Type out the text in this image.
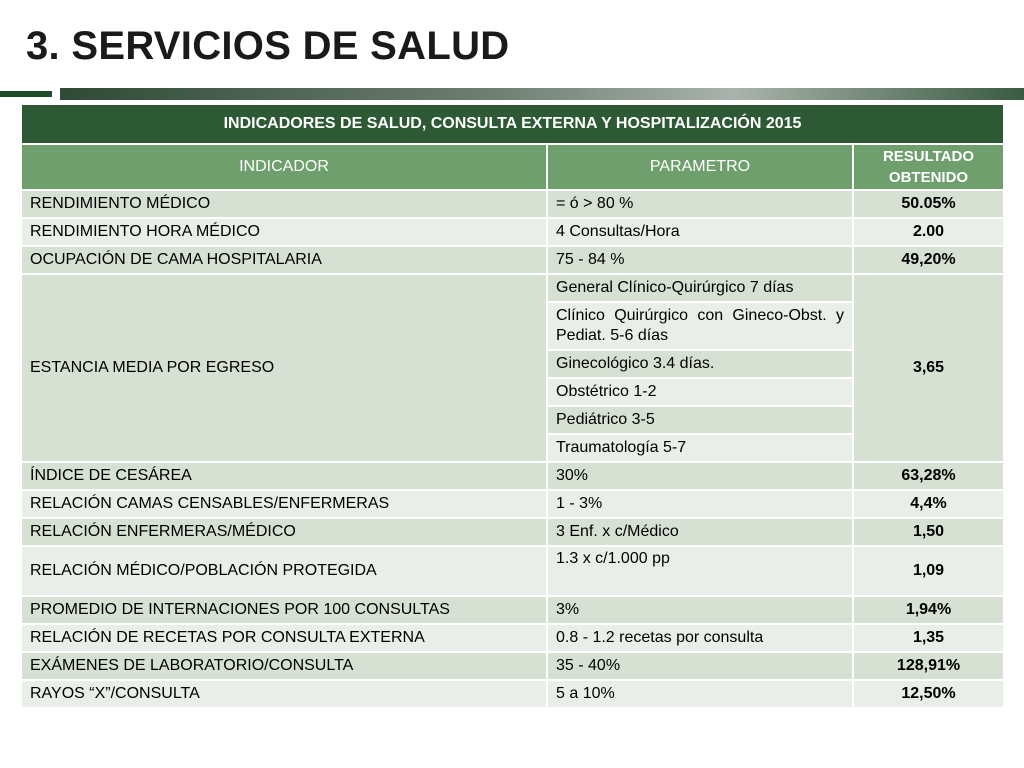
3. SERVICIOS DE SALUD
INDICADORES DE SALUD, CONSULTA EXTERNA Y HOSPITALIZACIÓN 2015		
INDICADOR	PARAMETRO	RESULTADO OBTENIDO
RENDIMIENTO MÉDICO	= ó > 80 %	50.05%
RENDIMIENTO HORA MÉDICO	4 Consultas/Hora	2.00
OCUPACIÓN DE CAMA HOSPITALARIA	75 - 84 %	49,20%
ESTANCIA MEDIA POR EGRESO	General Clínico-Quirúrgico 7 días	3,65
	Clínico Quirúrgico con Gineco-Obst. y Pediat. 5-6 días	
	Ginecológico 3.4 días.	
	Obstétrico 1-2	
	Pediátrico 3-5	
	Traumatología 5-7	
ÍNDICE DE CESÁREA	30%	63,28%
RELACIÓN CAMAS CENSABLES/ENFERMERAS	1 - 3%	4,4%
RELACIÓN ENFERMERAS/MÉDICO	3 Enf. x c/Médico	1,50
RELACIÓN MÉDICO/POBLACIÓN PROTEGIDA	1.3 x c/1.000 pp	1,09
PROMEDIO DE INTERNACIONES POR 100 CONSULTAS	3%	1,94%
RELACIÓN DE RECETAS POR CONSULTA EXTERNA	0.8 - 1.2 recetas por consulta	1,35
EXÁMENES DE LABORATORIO/CONSULTA	35 - 40%	128,91%
RAYOS “X”/CONSULTA	5 a 10%	12,50%
